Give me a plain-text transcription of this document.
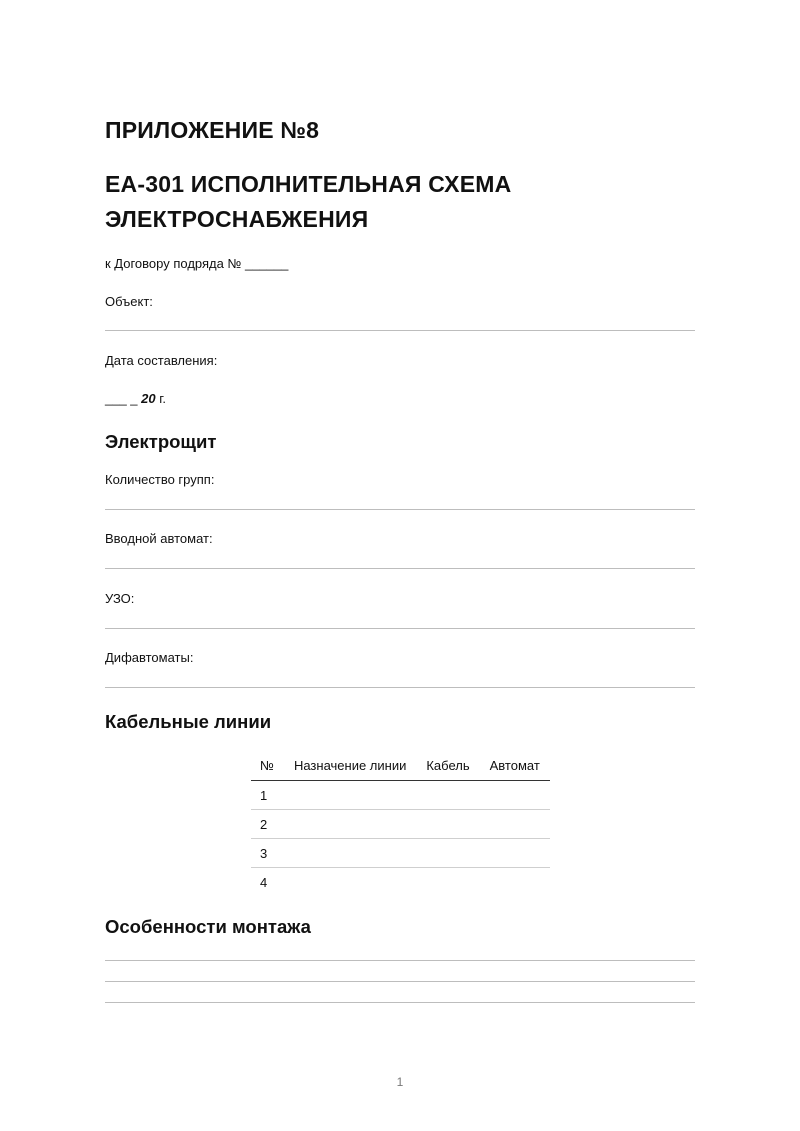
ПРИЛОЖЕНИЕ №8
ЕА-301 ИСПОЛНИТЕЛЬНАЯ СХЕМА
ЭЛЕКТРОСНАБЖЕНИЯ
к Договору подряда № ______
Объект:
Дата составления:
___ _ 20 г.
Электрощит
Количество групп:
Вводной автомат:
УЗО:
Дифавтоматы:
Кабельные линии
№	Назначение линии	Кабель	Автомат
1			
2			
3			
4			
Особенности монтажа
1
